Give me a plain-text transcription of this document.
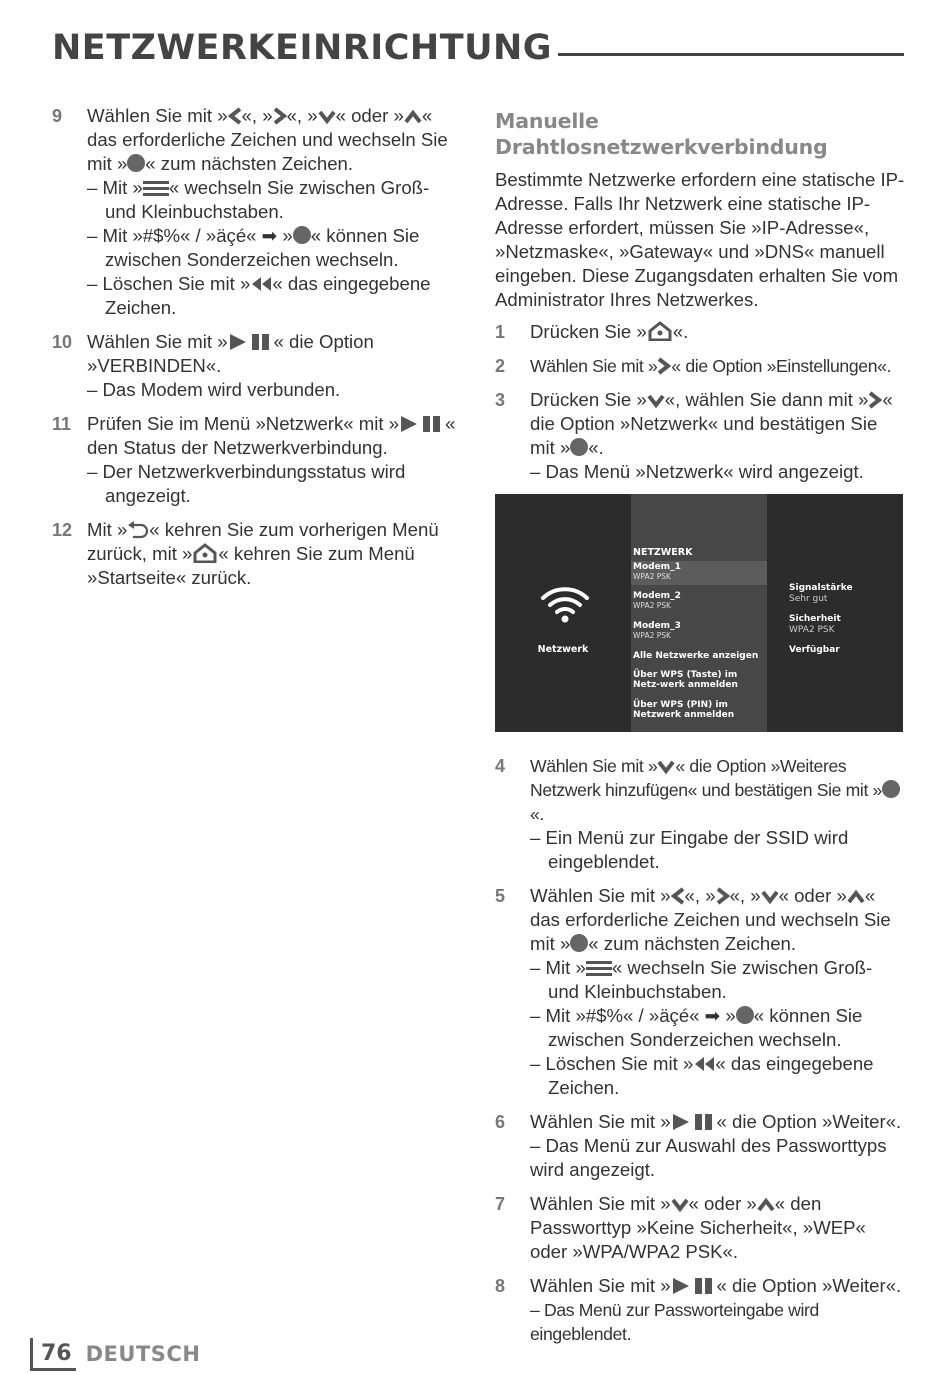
NETZWERKEINRICHTUNG
9 Wählen Sie mit » «, » «, » « oder » « das erforderliche Zeichen und wechseln Sie mit » « zum nächsten Zeichen.
– Mit » « wechseln Sie zwischen Groß- und Kleinbuchstaben.
– Mit »#$%« / »äçé« ➡ » « können Sie zwischen Sonderzeichen wechseln.
– Löschen Sie mit » « das eingegebene Zeichen.
10 Wählen Sie mit » « die Option »VERBINDEN«.
– Das Modem wird verbunden.
11 Prüfen Sie im Menü »Netzwerk« mit » « den Status der Netzwerkverbindung.
– Der Netzwerkverbindungsstatus wird angezeigt.
12 Mit » « kehren Sie zum vorherigen Menü zurück, mit » « kehren Sie zum Menü »Startseite« zurück.
Manuelle Drahtlosnetzwerkverbindung
Bestimmte Netzwerke erfordern eine statische IP-Adresse. Falls Ihr Netzwerk eine statische IP-Adresse erfordert, müssen Sie »IP-Adresse«, »Netzmaske«, »Gateway« und »DNS« manuell eingeben. Diese Zugangsdaten erhalten Sie vom Administrator Ihres Netzwerkes.
1 Drücken Sie » «.
2 Wählen Sie mit » « die Option »Einstellungen«.
3 Drücken Sie » «, wählen Sie dann mit » « die Option »Netzwerk« und bestätigen Sie mit » «.
– Das Menü »Netzwerk« wird angezeigt.
Netzwerk
NETZWERK
Modem_1
WPA2 PSK
Modem_2
WPA2 PSK
Modem_3
WPA2 PSK
Alle Netzwerke anzeigen
Über WPS (Taste) im Netz-werk anmelden
Über WPS (PIN) im Netzwerk anmelden
Signalstärke
Sehr gut
Sicherheit
WPA2 PSK
Verfügbar
4 Wählen Sie mit » « die Option »Weiteres Netzwerk hinzufügen« und bestätigen Sie mit »«.
– Ein Menü zur Eingabe der SSID wird eingeblendet.
5 Wählen Sie mit » «, » «, » « oder » « das erforderliche Zeichen und wechseln Sie mit » « zum nächsten Zeichen.
– Mit » « wechseln Sie zwischen Groß- und Kleinbuchstaben.
– Mit »#$%« / »äçé« ➡ » « können Sie zwischen Sonderzeichen wechseln.
– Löschen Sie mit » « das eingegebene Zeichen.
6 Wählen Sie mit » « die Option »Weiter«.
– Das Menü zur Auswahl des Passworttyps wird angezeigt.
7 Wählen Sie mit » « oder » « den Passworttyp »Keine Sicherheit«, »WEP« oder »WPA/WPA2 PSK«.
8 Wählen Sie mit » « die Option »Weiter«.
– Das Menü zur Passworteingabe wird eingeblendet.
76 DEUTSCH
